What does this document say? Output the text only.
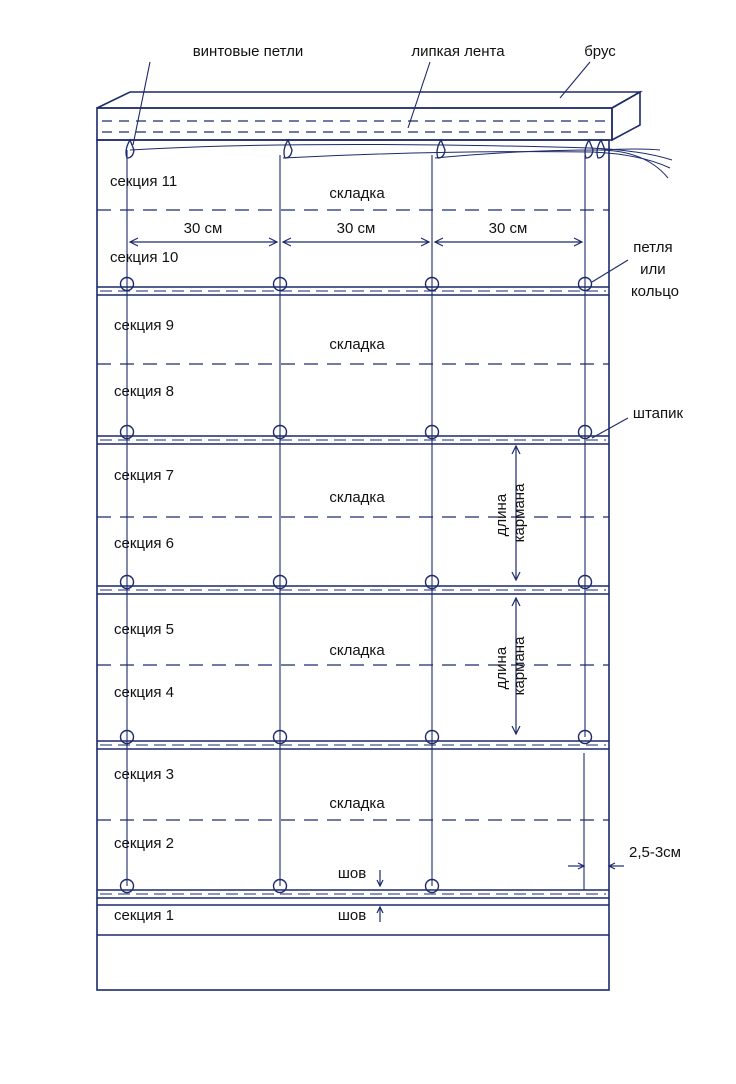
винтовые петли	липкая лента	брус
петля или кольцо
штапик
2,5-3см
30 см	30 см	30 см
секция 11
секция 10
секция 9
секция 8
секция 7
секция 6
секция 5
секция 4
секция 3
секция 2
секция 1
складка
складка
складка
складка
складка
шов
шов
длина кармана
длина кармана
